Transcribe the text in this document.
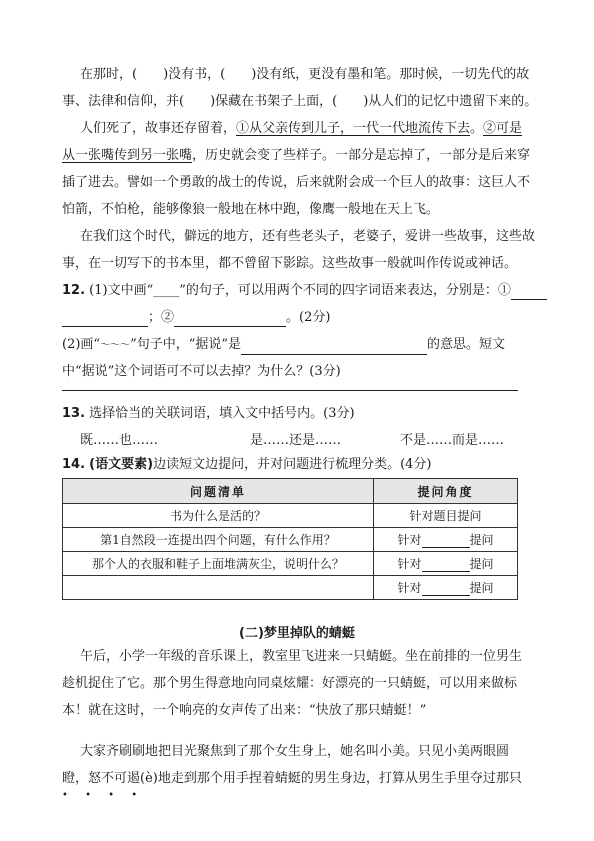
在那时，(　　)没有书，(　　)没有纸，更没有墨和笔。那时候，一切先代的故
事、法律和信仰，并(　　)保藏在书架子上面，(　　)从人们的记忆中遗留下来的。
人们死了，故事还存留着，①从父亲传到儿子，一代一代地流传下去。②可是
从一张嘴传到另一张嘴，历史就会变了些样子。一部分是忘掉了，一部分是后来穿
插了进去。譬如一个勇敢的战士的传说，后来就附会成一个巨人的故事：这巨人不
怕箭，不怕枪，能够像狼一般地在林中跑，像鹰一般地在天上飞。
在我们这个时代，僻远的地方，还有些老头子，老婆子，爱讲一些故事，这些故
事，在一切写下的书本里，都不曾留下影踪。这些故事一般就叫作传说或神话。
12. (1)文中画“____”的句子，可以用两个不同的四字词语来表达，分别是：①
；②	。(2分)
(2)画“～～～”句子中，“据说”是	的意思。短文
中“据说”这个词语可不可以去掉？为什么？(3分)
13. 选择恰当的关联词语，填入文中括号内。(3分)
既……也……	是……还是……	不是……而是……
14. (语文要素)边读短文边提问，并对问题进行梳理分类。(4分)
问题清单	提问角度
书为什么是活的？	针对题目提问
第1自然段一连提出四个问题，有什么作用？	针对 提问
那个人的衣服和鞋子上面堆满灰尘，说明什么？	针对 提问
	针对 提问
(二)梦里掉队的蜻蜓
午后，小学一年级的音乐课上，教室里飞进来一只蜻蜓。坐在前排的一位男生
趁机捉住了它。那个男生得意地向同桌炫耀：好漂亮的一只蜻蜓，可以用来做标
本！就在这时，一个响亮的女声传了出来：“快放了那只蜻蜓！”
大家齐刷刷地把目光聚焦到了那个女生身上，她名叫小美。只见小美两眼圆
瞪，怒不可遏(è)地走到那个用手捏着蜻蜓的男生身边，打算从男生手里夺过那只
• • • •
